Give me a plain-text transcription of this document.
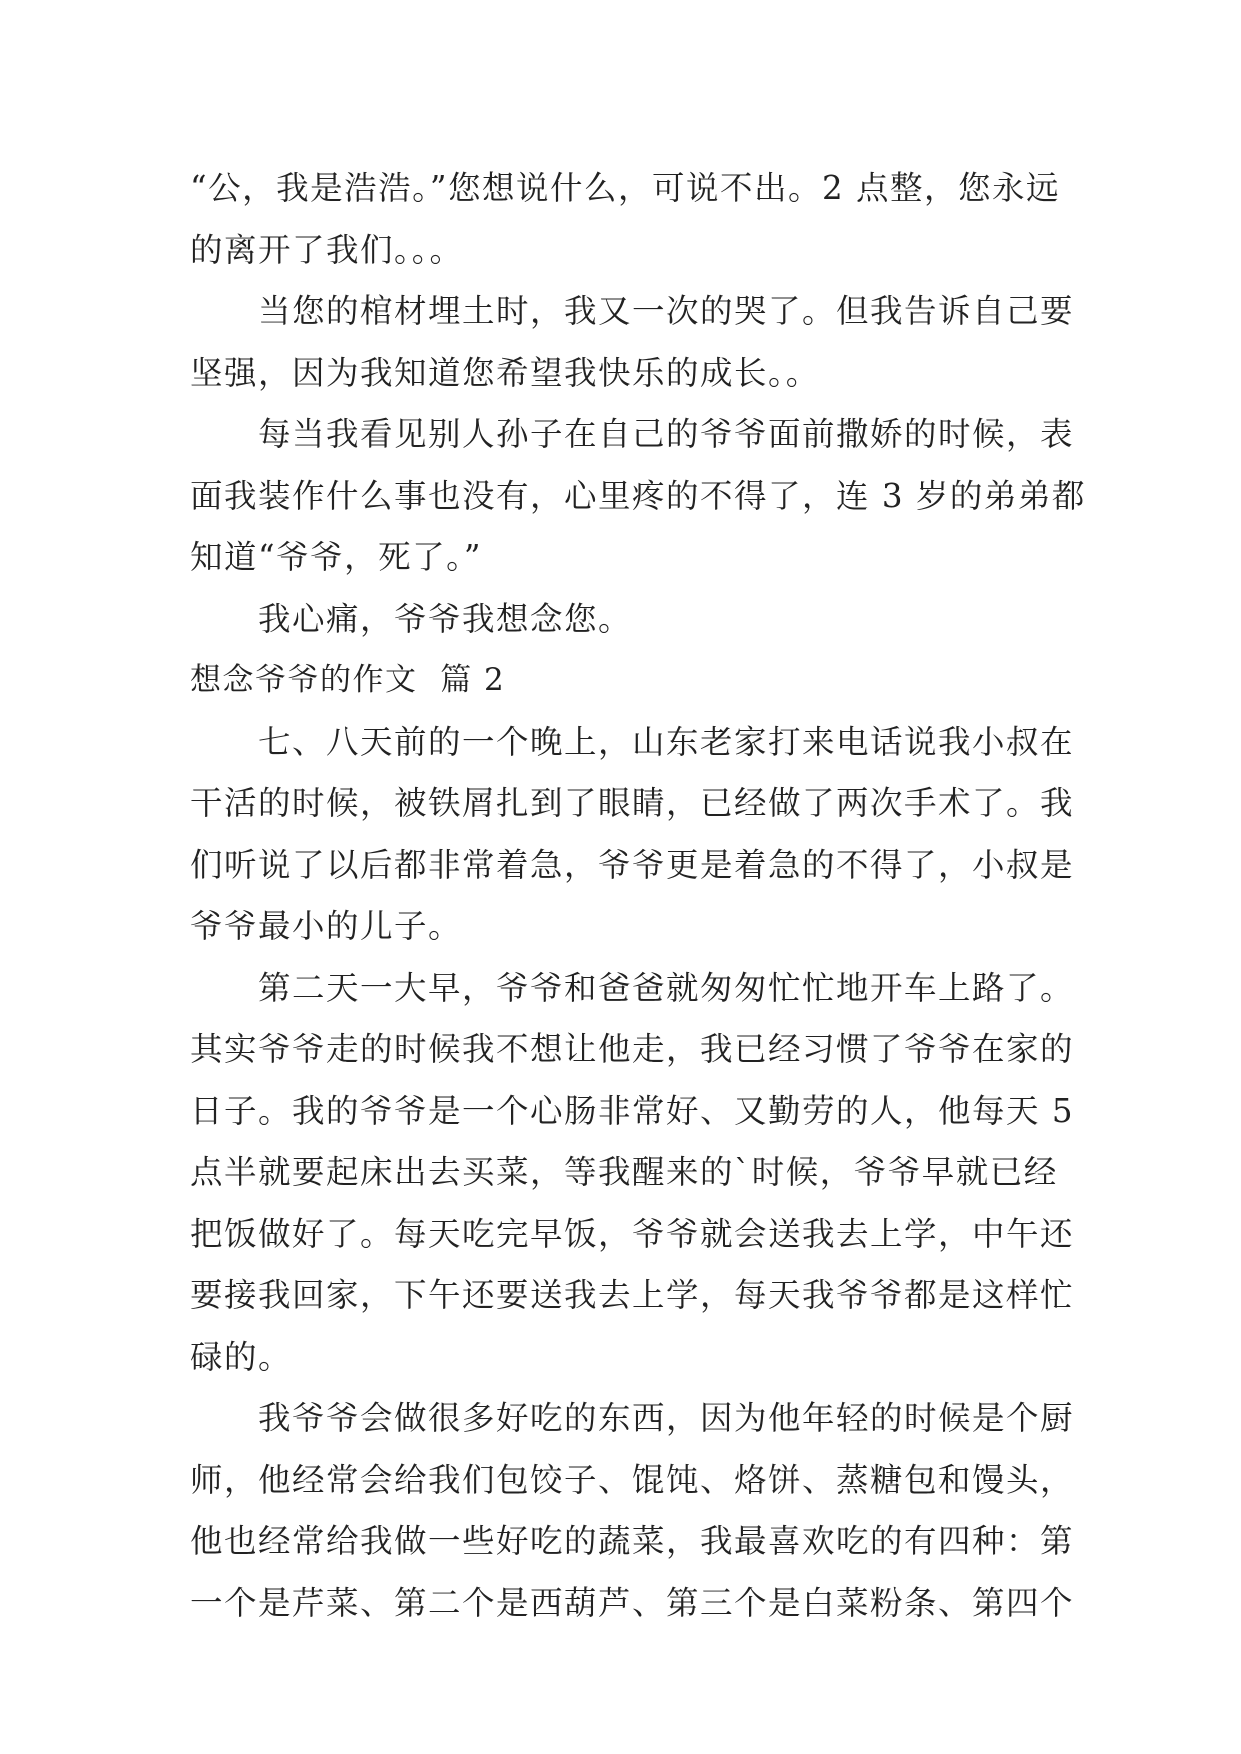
“公，我是浩浩。”您想说什么，可说不出。2 点整，您永远
的离开了我们。。。
当您的棺材埋土时，我又一次的哭了。但我告诉自己要
坚强，因为我知道您希望我快乐的成长。。
每当我看见别人孙子在自己的爷爷面前撒娇的时候，表
面我装作什么事也没有，心里疼的不得了，连 3 岁的弟弟都
知道“爷爷，死了。”
我心痛，爷爷我想念您。
想念爷爷的作文  篇 2
七、八天前的一个晚上，山东老家打来电话说我小叔在
干活的时候，被铁屑扎到了眼睛，已经做了两次手术了。我
们听说了以后都非常着急，爷爷更是着急的不得了，小叔是
爷爷最小的儿子。
第二天一大早，爷爷和爸爸就匆匆忙忙地开车上路了。
其实爷爷走的时候我不想让他走，我已经习惯了爷爷在家的
日子。我的爷爷是一个心肠非常好、又勤劳的人，他每天 5
点半就要起床出去买菜，等我醒来的`时候，爷爷早就已经
把饭做好了。每天吃完早饭，爷爷就会送我去上学，中午还
要接我回家，下午还要送我去上学，每天我爷爷都是这样忙
碌的。
我爷爷会做很多好吃的东西，因为他年轻的时候是个厨
师，他经常会给我们包饺子、馄饨、烙饼、蒸糖包和馒头，
他也经常给我做一些好吃的蔬菜，我最喜欢吃的有四种：第
一个是芹菜、第二个是西葫芦、第三个是白菜粉条、第四个
